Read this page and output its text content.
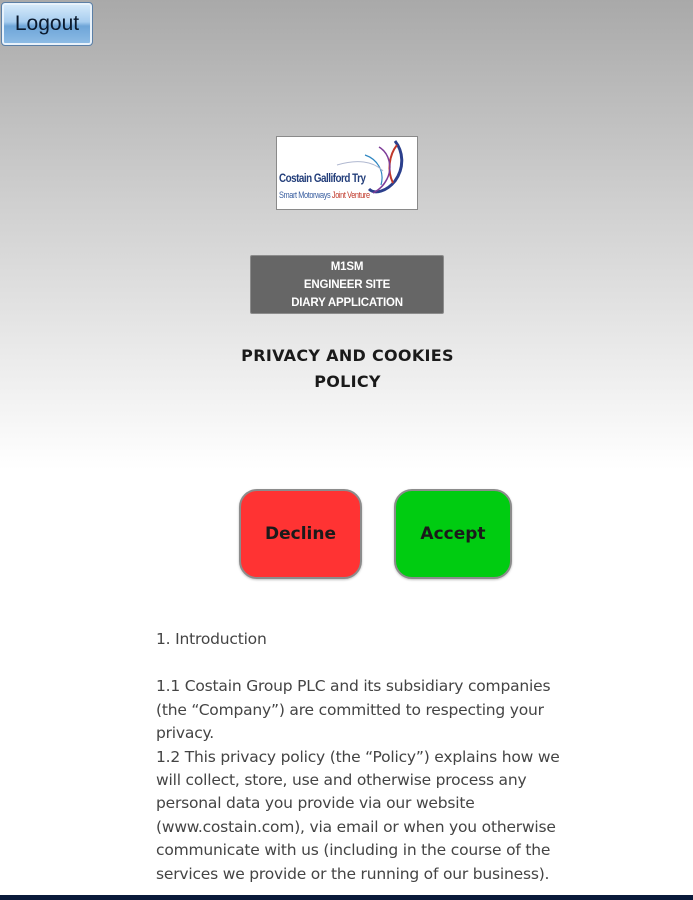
Logout
Costain Galliford Try
Smart Motorways Joint Venture
M1SM
ENGINEER SITE
DIARY APPLICATION
PRIVACY AND COOKIES
POLICY
Decline	Accept

1. Introduction

1.1 Costain Group PLC and its subsidiary companies (the “Company”) are committed to respecting your privacy.

1.2 This privacy policy (the “Policy”) explains how we will collect, store, use and otherwise process any personal data you provide via our website (www.costain.com), via email or when you otherwise communicate with us (including in the course of the services we provide or the running of our business).
